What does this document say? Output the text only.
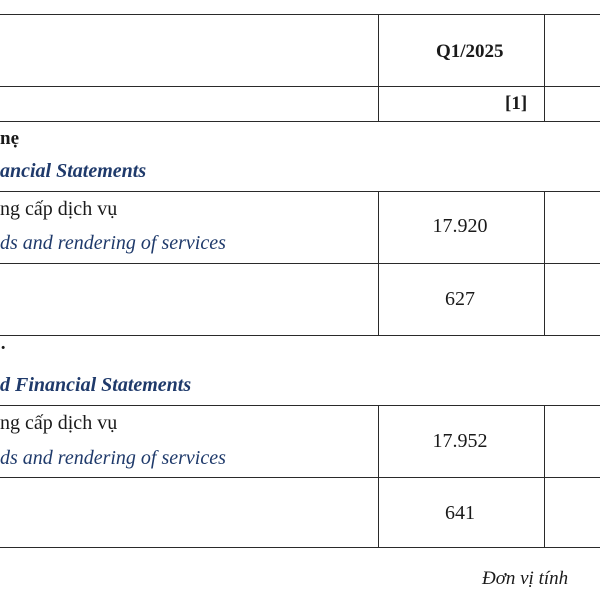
Q1/2025
[1]
nẹ
ancial Statements
ng cấp dịch vụ
ds and rendering of services
17.920
627
·
d Financial Statements
ng cấp dịch vụ
ds and rendering of services
17.952
641
Đơn vị tính
